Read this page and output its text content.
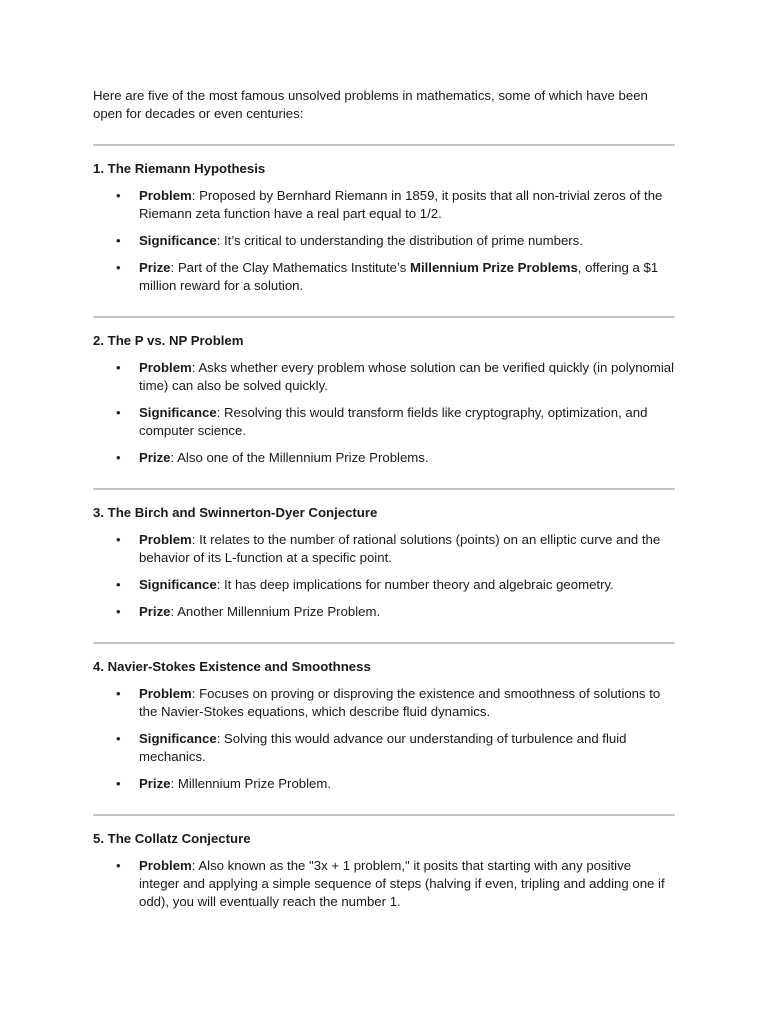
Here are five of the most famous unsolved problems in mathematics, some of which have been open for decades or even centuries:

1. The Riemann Hypothesis
• Problem: Proposed by Bernhard Riemann in 1859, it posits that all non-trivial zeros of the Riemann zeta function have a real part equal to 1/2.
• Significance: It’s critical to understanding the distribution of prime numbers.
• Prize: Part of the Clay Mathematics Institute’s Millennium Prize Problems, offering a $1 million reward for a solution.
2. The P vs. NP Problem
• Problem: Asks whether every problem whose solution can be verified quickly (in polynomial time) can also be solved quickly.
• Significance: Resolving this would transform fields like cryptography, optimization, and computer science.
• Prize: Also one of the Millennium Prize Problems.
3. The Birch and Swinnerton-Dyer Conjecture
• Problem: It relates to the number of rational solutions (points) on an elliptic curve and the behavior of its L-function at a specific point.
• Significance: It has deep implications for number theory and algebraic geometry.
• Prize: Another Millennium Prize Problem.
4. Navier-Stokes Existence and Smoothness
• Problem: Focuses on proving or disproving the existence and smoothness of solutions to the Navier-Stokes equations, which describe fluid dynamics.
• Significance: Solving this would advance our understanding of turbulence and fluid mechanics.
• Prize: Millennium Prize Problem.
5. The Collatz Conjecture
• Problem: Also known as the "3x + 1 problem," it posits that starting with any positive integer and applying a simple sequence of steps (halving if even, tripling and adding one if odd), you will eventually reach the number 1.
